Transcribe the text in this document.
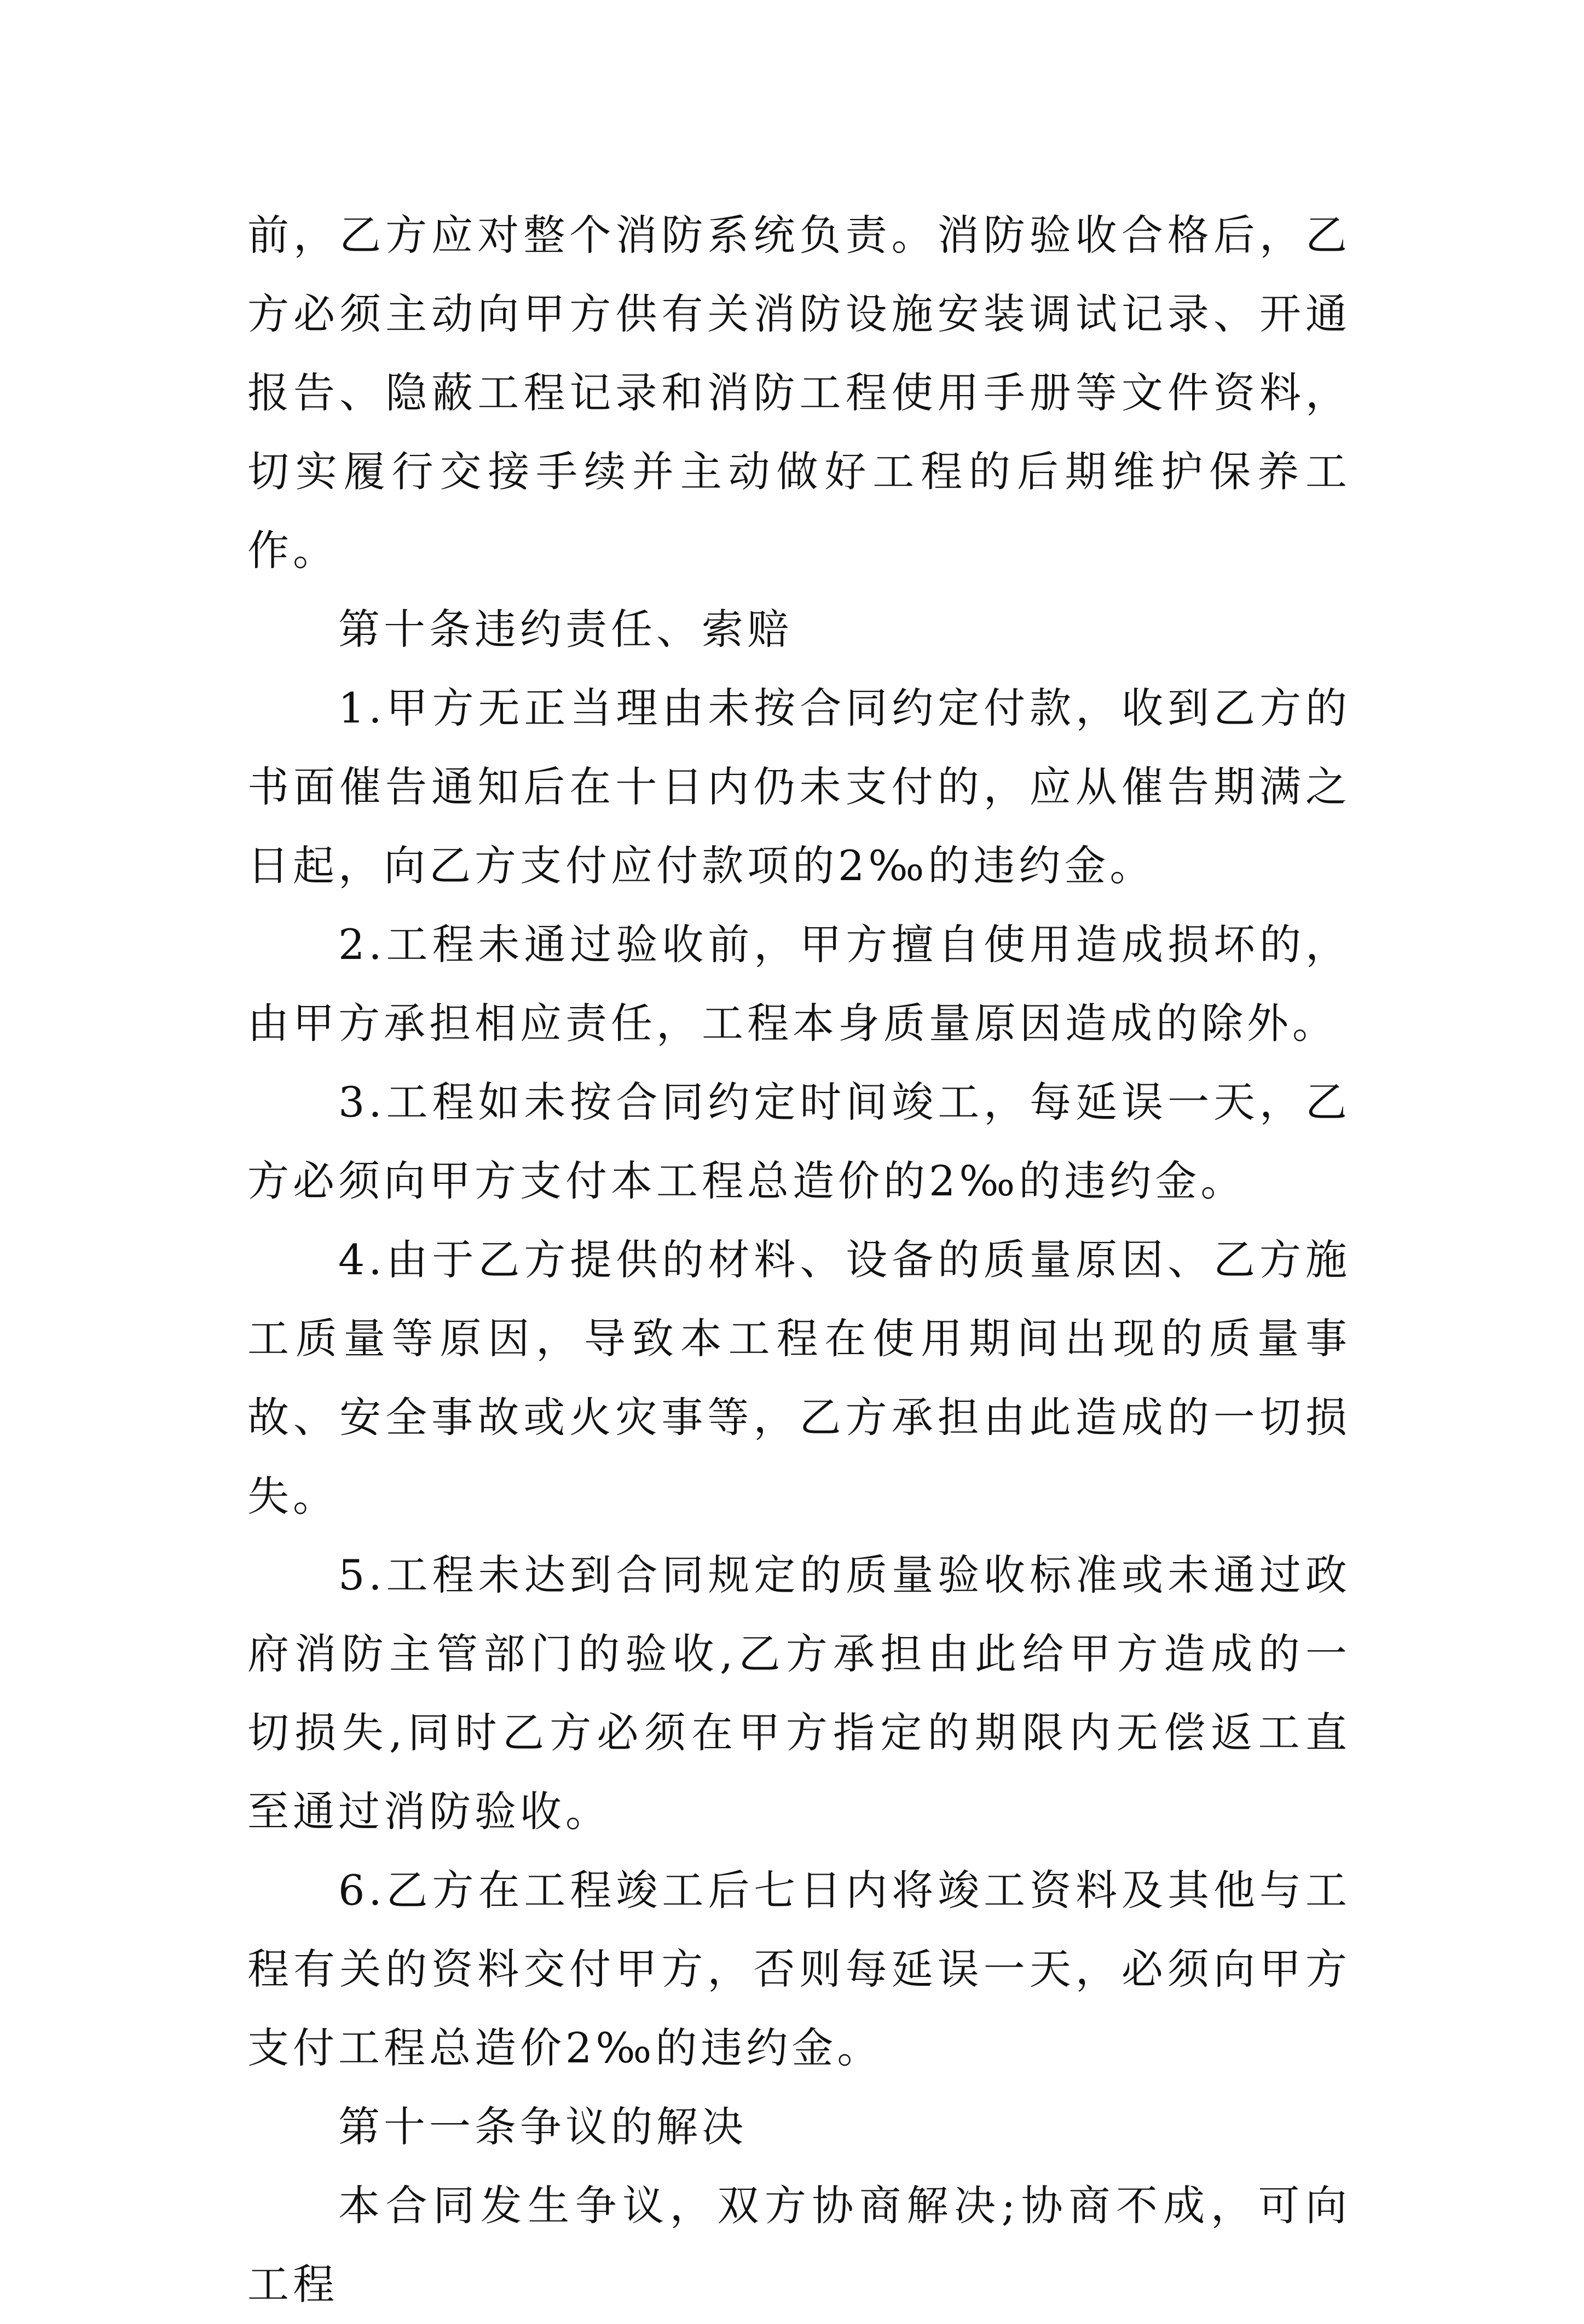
前，乙方应对整个消防系统负责。消防验收合格后，乙方必须主动向甲方供有关消防设施安装调试记录、开通报告、隐蔽工程记录和消防工程使用手册等文件资料，切实履行交接手续并主动做好工程的后期维护保养工作。

第十条违约责任、索赔

1.甲方无正当理由未按合同约定付款，收到乙方的书面催告通知后在十日内仍未支付的，应从催告期满之日起，向乙方支付应付款项的2‰的违约金。

2.工程未通过验收前，甲方擅自使用造成损坏的，由甲方承担相应责任，工程本身质量原因造成的除外。

3.工程如未按合同约定时间竣工，每延误一天，乙方必须向甲方支付本工程总造价的2‰的违约金。

4.由于乙方提供的材料、设备的质量原因、乙方施工质量等原因，导致本工程在使用期间出现的质量事故、安全事故或火灾事等，乙方承担由此造成的一切损失。

5.工程未达到合同规定的质量验收标准或未通过政府消防主管部门的验收,乙方承担由此给甲方造成的一切损失,同时乙方必须在甲方指定的期限内无偿返工直至通过消防验收。

6.乙方在工程竣工后七日内将竣工资料及其他与工程有关的资料交付甲方，否则每延误一天，必须向甲方支付工程总造价2‰的违约金。

第十一条争议的解决

本合同发生争议，双方协商解决;协商不成，可向工程
